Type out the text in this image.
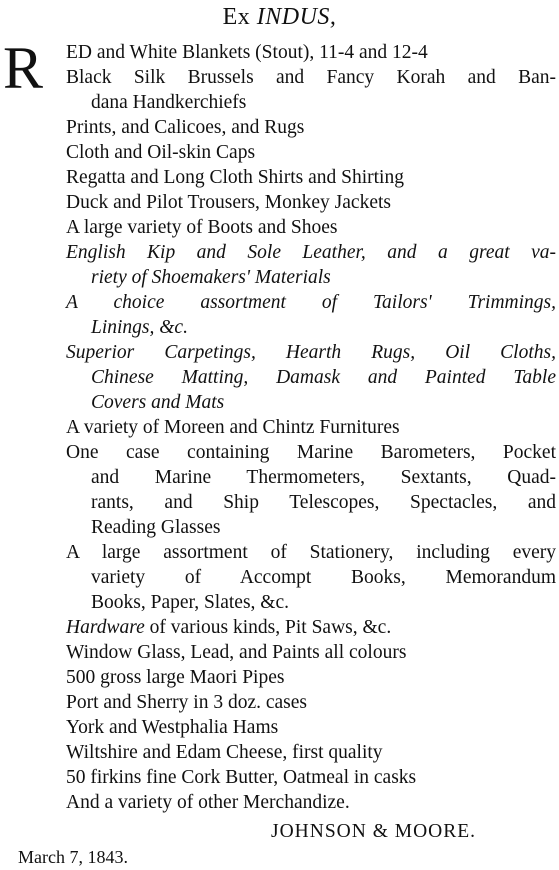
Ex INDUS,
R ED and White Blankets (Stout), 11-4 and 12-4
Black Silk Brussels and Fancy Korah and Ban-
dana Handkerchiefs
Prints, and Calicoes, and Rugs
Cloth and Oil-skin Caps
Regatta and Long Cloth Shirts and Shirting
Duck and Pilot Trousers, Monkey Jackets
A large variety of Boots and Shoes
English Kip and Sole Leather, and a great va-
riety of Shoemakers' Materials
A choice assortment of Tailors' Trimmings,
Linings, &c.
Superior Carpetings, Hearth Rugs, Oil Cloths,
Chinese Matting, Damask and Painted Table
Covers and Mats
A variety of Moreen and Chintz Furnitures
One case containing Marine Barometers, Pocket
and Marine Thermometers, Sextants, Quad-
rants, and Ship Telescopes, Spectacles, and
Reading Glasses
A large assortment of Stationery, including every
variety of Accompt Books, Memorandum
Books, Paper, Slates, &c.
Hardware of various kinds, Pit Saws, &c.
Window Glass, Lead, and Paints all colours
500 gross large Maori Pipes
Port and Sherry in 3 doz. cases
York and Westphalia Hams
Wiltshire and Edam Cheese, first quality
50 firkins fine Cork Butter, Oatmeal in casks
And a variety of other Merchandize.
JOHNSON & MOORE.
March 7, 1843.
